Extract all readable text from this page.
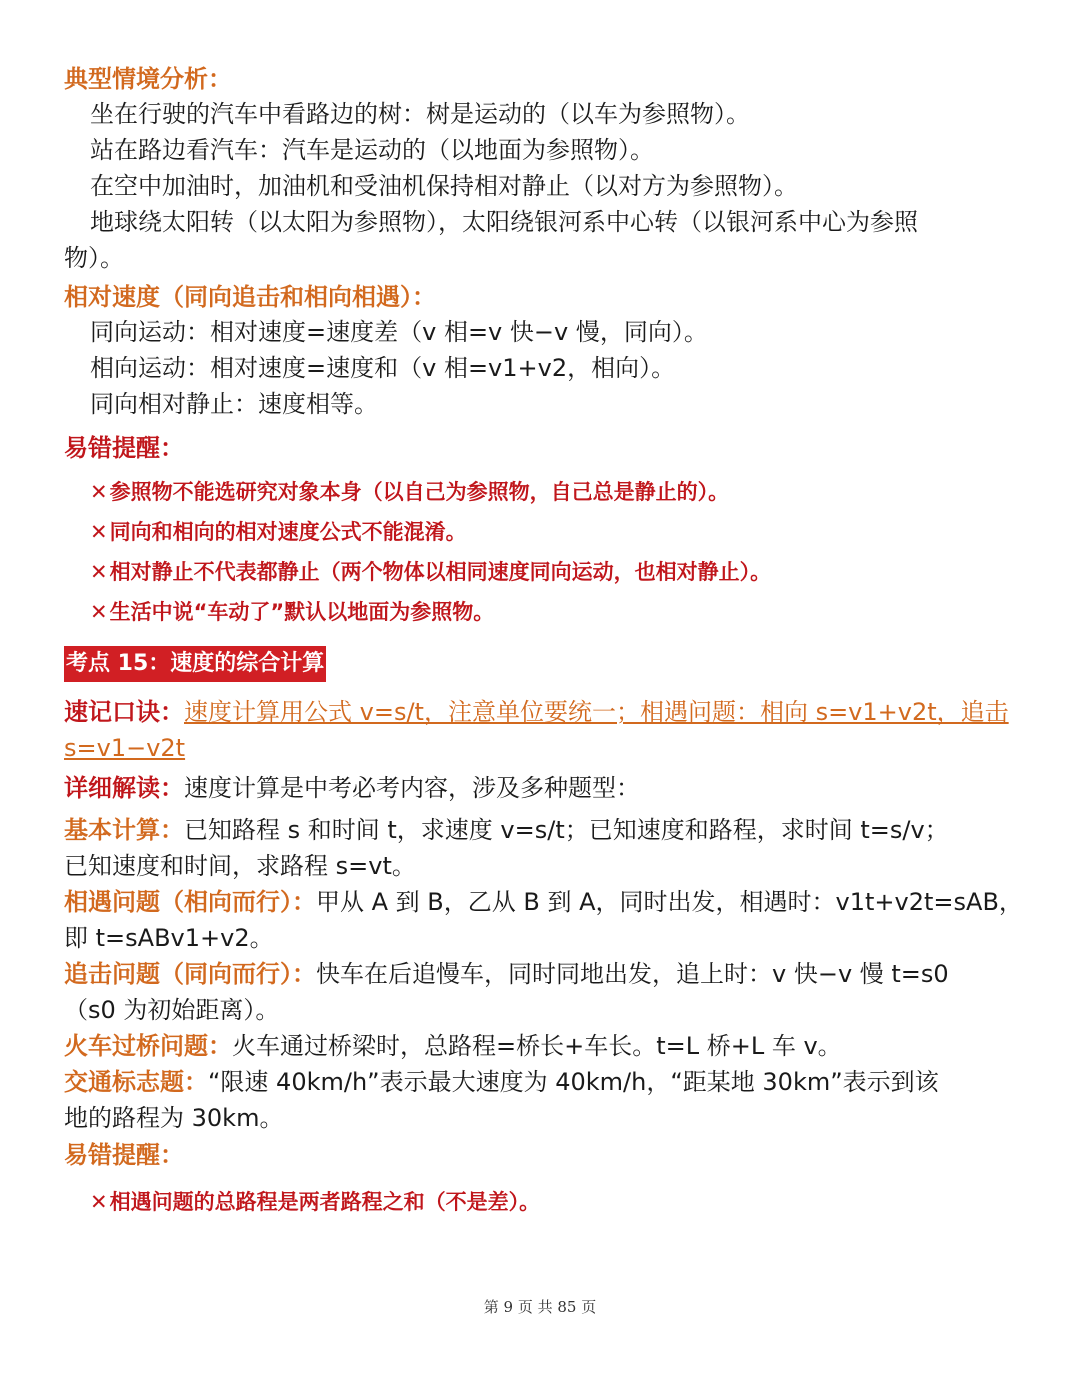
典型情境分析：

坐在行驶的汽车中看路边的树：树是运动的（以车为参照物）。

站在路边看汽车：汽车是运动的（以地面为参照物）。

在空中加油时，加油机和受油机保持相对静止（以对方为参照物）。

地球绕太阳转（以太阳为参照物），太阳绕银河系中心转（以银河系中心为参照

物）。

相对速度（同向追击和相向相遇）：

同向运动：相对速度=速度差（v 相=v 快−v 慢，同向）。

相向运动：相对速度=速度和（v 相=v1+v2，相向）。

同向相对静止：速度相等。

易错提醒：

✕参照物不能选研究对象本身（以自己为参照物，自己总是静止的）。

✕同向和相向的相对速度公式不能混淆。

✕相对静止不代表都静止（两个物体以相同速度同向运动，也相对静止）。

✕生活中说“车动了”默认以地面为参照物。

考点 15：速度的综合计算

速记口诀：速度计算用公式 v=s/t，注意单位要统一；相遇问题：相向 s=v1+v2t，追击

s=v1−v2t

详细解读：速度计算是中考必考内容，涉及多种题型：

基本计算：已知路程 s 和时间 t，求速度 v=s/t；已知速度和路程，求时间 t=s/v；

已知速度和时间，求路程 s=vt。

相遇问题（相向而行）：甲从 A 到 B，乙从 B 到 A，同时出发，相遇时：v1t+v2t=sAB，

即 t=sABv1+v2。

追击问题（同向而行）：快车在后追慢车，同时同地出发，追上时：v 快−v 慢 t=s0

（s0 为初始距离）。

火车过桥问题：火车通过桥梁时，总路程=桥长+车长。t=L 桥+L 车 v。

交通标志题：“限速 40km/h”表示最大速度为 40km/h，“距某地 30km”表示到该

地的路程为 30km。

易错提醒：

✕相遇问题的总路程是两者路程之和（不是差）。

第 9 页 共 85 页
